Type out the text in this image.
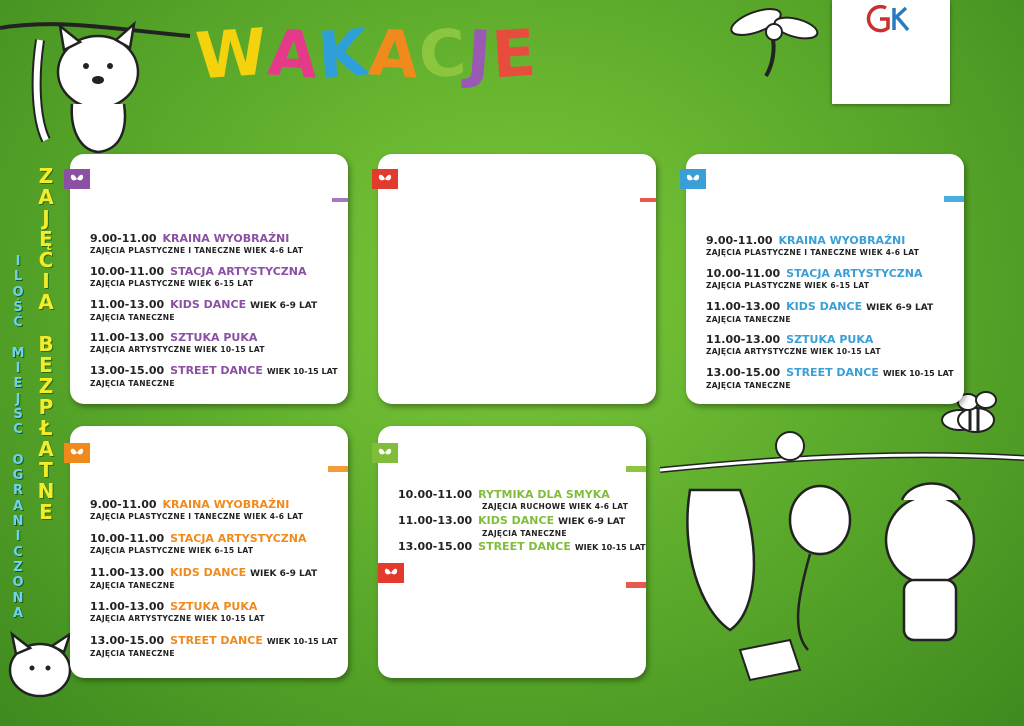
WAKACJE
Z
A
J
Ę
C
I
A

B
E
Z
P
Ł
A
T
N
E
I
L
O
Ś
Ć

M
I
E
J
S
C

O
G
R
A
N
I
C
Z
O
N
A
9.00-11.00 KRAINA WYOBRAŹNI
ZAJĘCIA PLASTYCZNE I TANECZNE WIEK 4-6 LAT
10.00-11.00 STACJA ARTYSTYCZNA
ZAJĘCIA PLASTYCZNE WIEK 6-15 LAT
11.00-13.00 KIDS DANCE WIEK 6-9 LAT
ZAJĘCIA TANECZNE
11.00-13.00 SZTUKA PUKA
ZAJĘCIA ARTYSTYCZNE WIEK 10-15 LAT
13.00-15.00 STREET DANCE WIEK 10-15 LAT
ZAJĘCIA TANECZNE
9.00-11.00 KRAINA WYOBRAŹNI
ZAJĘCIA PLASTYCZNE I TANECZNE WIEK 4-6 LAT
10.00-11.00 STACJA ARTYSTYCZNA
ZAJĘCIA PLASTYCZNE WIEK 6-15 LAT
11.00-13.00 KIDS DANCE WIEK 6-9 LAT
ZAJĘCIA TANECZNE
11.00-13.00 SZTUKA PUKA
ZAJĘCIA ARTYSTYCZNE WIEK 10-15 LAT
13.00-15.00 STREET DANCE WIEK 10-15 LAT
ZAJĘCIA TANECZNE
9.00-11.00 KRAINA WYOBRAŹNI
ZAJĘCIA PLASTYCZNE I TANECZNE WIEK 4-6 LAT
10.00-11.00 STACJA ARTYSTYCZNA
ZAJĘCIA PLASTYCZNE WIEK 6-15 LAT
11.00-13.00 KIDS DANCE WIEK 6-9 LAT
ZAJĘCIA TANECZNE
11.00-13.00 SZTUKA PUKA
ZAJĘCIA ARTYSTYCZNE WIEK 10-15 LAT
13.00-15.00 STREET DANCE WIEK 10-15 LAT
ZAJĘCIA TANECZNE
10.00-11.00 RYTMIKA DLA SMYKA
ZAJĘCIA RUCHOWE WIEK 4-6 LAT
11.00-13.00 KIDS DANCE WIEK 6-9 LAT
ZAJĘCIA TANECZNE
13.00-15.00 STREET DANCE WIEK 10-15 LAT
